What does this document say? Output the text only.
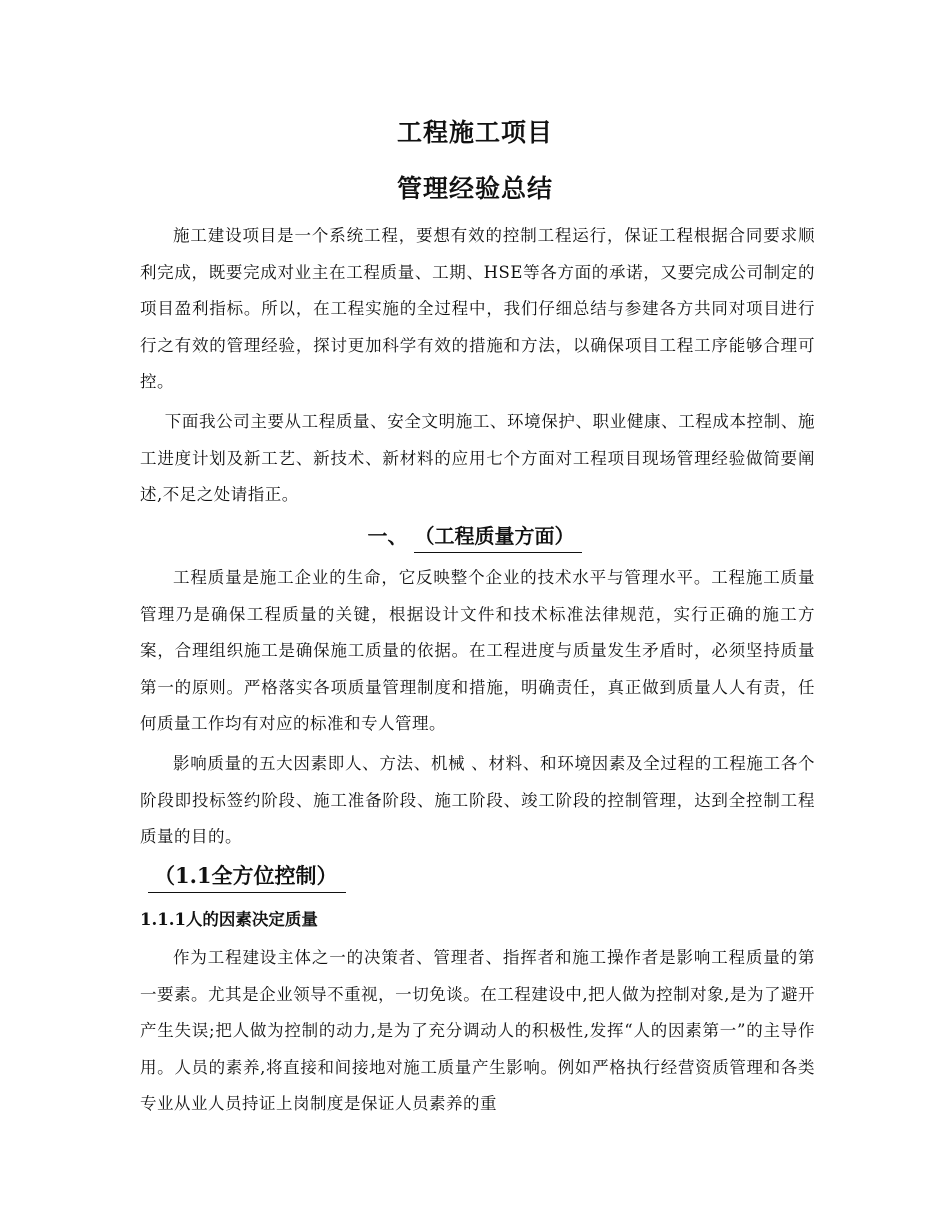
工程施工项目
管理经验总结

施工建设项目是一个系统工程，要想有效的控制工程运行，保证工程根据合同要求顺利完成，既要完成对业主在工程质量、工期、HSE等各方面的承诺，又要完成公司制定的项目盈利指标。所以，在工程实施的全过程中，我们仔细总结与参建各方共同对项目进行行之有效的管理经验，探讨更加科学有效的措施和方法，以确保项目工程工序能够合理可控。

下面我公司主要从工程质量、安全文明施工、环境保护、职业健康、工程成本控制、施工进度计划及新工艺、新技术、新材料的应用七个方面对工程项目现场管理经验做简要阐述,不足之处请指正。

一、 （工程质量方面）

工程质量是施工企业的生命，它反映整个企业的技术水平与管理水平。工程施工质量管理乃是确保工程质量的关键，根据设计文件和技术标准法律规范，实行正确的施工方案，合理组织施工是确保施工质量的依据。在工程进度与质量发生矛盾时，必须坚持质量第一的原则。严格落实各项质量管理制度和措施，明确责任，真正做到质量人人有责，任何质量工作均有对应的标准和专人管理。

影响质量的五大因素即人、方法、机械 、材料、和环境因素及全过程的工程施工各个阶段即投标签约阶段、施工准备阶段、施工阶段、竣工阶段的控制管理，达到全控制工程质量的目的。

（1.1全方位控制）
1.1.1人的因素决定质量

作为工程建设主体之一的决策者、管理者、指挥者和施工操作者是影响工程质量的第一要素。尤其是企业领导不重视，一切免谈。在工程建设中,把人做为控制对象,是为了避开产生失误;把人做为控制的动力,是为了充分调动人的积极性,发挥“人的因素第一”的主导作用。人员的素养,将直接和间接地对施工质量产生影响。例如严格执行经营资质管理和各类专业从业人员持证上岗制度是保证人员素养的重
